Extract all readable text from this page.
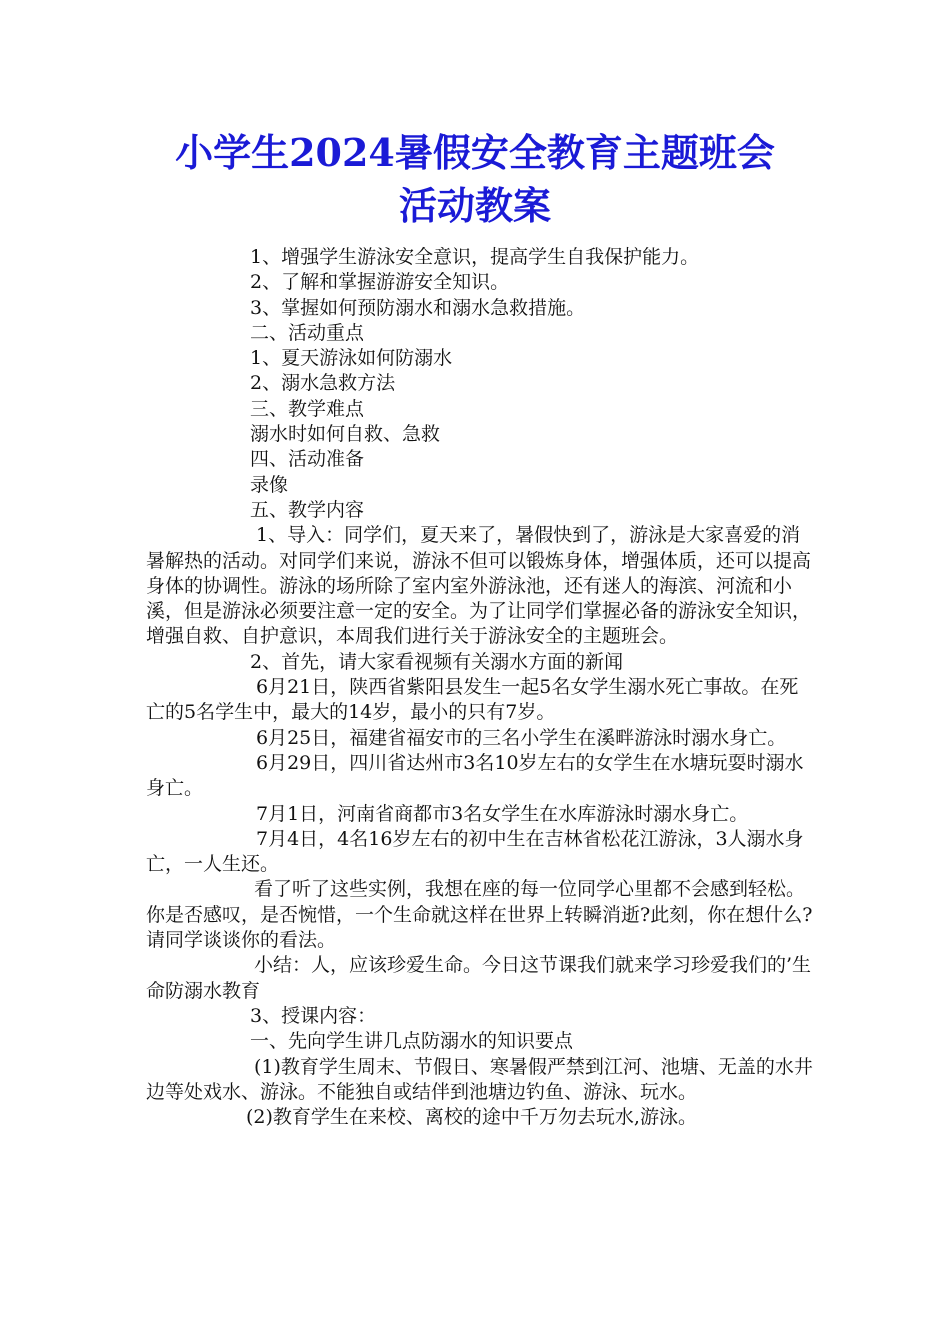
小学生2024暑假安全教育主题班会
活动教案

1、增强学生游泳安全意识，提高学生自我保护能力。

2、了解和掌握游游安全知识。

3、掌握如何预防溺水和溺水急救措施。

二、活动重点

1、夏天游泳如何防溺水

2、溺水急救方法

三、教学难点

溺水时如何自救、急救

四、活动准备

录像

五、教学内容

1、导入：同学们，夏天来了，暑假快到了，游泳是大家喜爱的消暑解热的活动。对同学们来说，游泳不但可以锻炼身体，增强体质，还可以提高身体的协调性。游泳的场所除了室内室外游泳池，还有迷人的海滨、河流和小溪，但是游泳必须要注意一定的安全。为了让同学们掌握必备的游泳安全知识，增强自救、自护意识，本周我们进行关于游泳安全的主题班会。

2、首先，请大家看视频有关溺水方面的新闻

6月21日，陕西省紫阳县发生一起5名女学生溺水死亡事故。在死亡的5名学生中，最大的14岁，最小的只有7岁。

6月25日，福建省福安市的三名小学生在溪畔游泳时溺水身亡。

6月29日，四川省达州市3名10岁左右的女学生在水塘玩耍时溺水身亡。

7月1日，河南省商都市3名女学生在水库游泳时溺水身亡。

7月4日，4名16岁左右的初中生在吉林省松花江游泳，3人溺水身亡，一人生还。

看了听了这些实例，我想在座的每一位同学心里都不会感到轻松。你是否感叹，是否惋惜，一个生命就这样在世界上转瞬消逝?此刻，你在想什么?请同学谈谈你的看法。

小结：人，应该珍爱生命。今日这节课我们就来学习珍爱我们的’生命防溺水教育

3、授课内容：

一、先向学生讲几点防溺水的知识要点

(1)教育学生周末、节假日、寒暑假严禁到江河、池塘、无盖的水井边等处戏水、游泳。不能独自或结伴到池塘边钓鱼、游泳、玩水。

(2)教育学生在来校、离校的途中千万勿去玩水,游泳。
